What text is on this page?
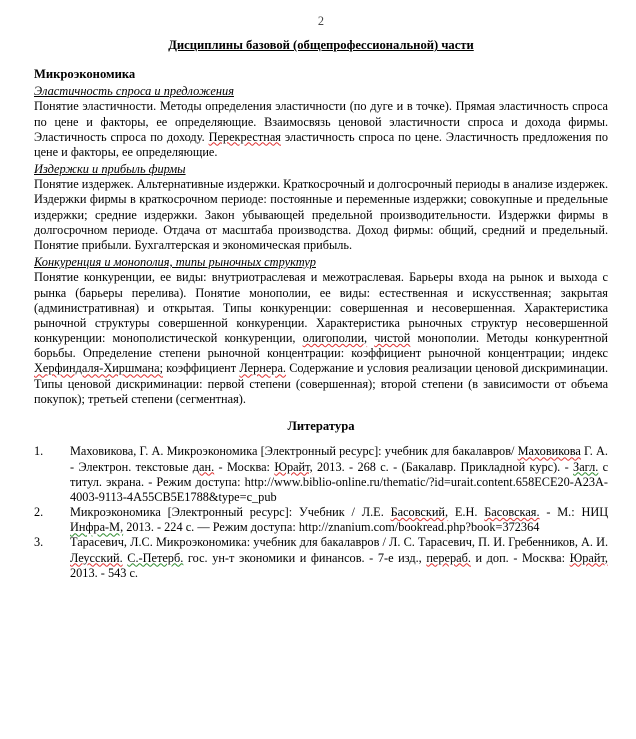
2
Дисциплины базовой (общепрофессиональной) части
Микроэкономика
Эластичность спроса и предложения

Понятие эластичности. Методы определения эластичности (по дуге и в точке). Прямая эластичность спроса по цене и факторы, ее определяющие. Взаимосвязь ценовой эластичности спроса и дохода фирмы. Эластичность спроса по доходу. Перекрестная эластичность спроса по цене. Эластичность предложения по цене и факторы, ее определяющие.

Издержки и прибыль фирмы

Понятие издержек. Альтернативные издержки. Краткосрочный и долгосрочный периоды в анализе издержек. Издержки фирмы в краткосрочном периоде: постоянные и переменные издержки; совокупные и предельные издержки; средние издержки. Закон убывающей предельной производительности. Издержки фирмы в долгосрочном периоде. Отдача от масштаба производства. Доход фирмы: общий, средний и предельный. Понятие прибыли. Бухгалтерская и экономическая прибыль.

Конкуренция и монополия, типы рыночных структур

Понятие конкуренции, ее виды: внутриотраслевая и межотраслевая. Барьеры входа на рынок и выхода с рынка (барьеры перелива). Понятие монополии, ее виды: естественная и искусственная; закрытая (административная) и открытая. Типы конкуренции: совершенная и несовершенная. Характеристика рыночной структуры совершенной конкуренции. Характеристика рыночных структур несовершенной конкуренции: монополистической конкуренции, олигополии, чистой монополии. Методы конкурентной борьбы. Определение степени рыночной концентрации: коэффициент рыночной концентрации; индекс Херфиндаля-Хиршмана; коэффициент Лернера. Содержание и условия реализации ценовой дискриминации. Типы ценовой дискриминации: первой степени (совершенная); второй степени (в зависимости от объема покупок); третьей степени (сегментная).

Литература
1.	Маховикова, Г. А. Микроэкономика [Электронный ресурс]: учебник для бакалавров/ Маховикова Г. А. - Электрон. текстовые дан. - Москва: Юрайт, 2013. - 268 с. - (Бакалавр. Прикладной курс). - Загл. с титул. экрана. - Режим доступа: http://www.biblio-online.ru/thematic/?id=urait.content.658ECE20-A23A-4003-9113-4A55CB5E1788&type=c_pub
2.	Микроэкономика [Электронный ресурс]: Учебник / Л.Е. Басовский, Е.Н. Басовская. - М.: НИЦ Инфра-М, 2013. - 224 с. — Режим доступа: http://znanium.com/bookread.php?book=372364
3.	Тарасевич, Л.С. Микроэкономика: учебник для бакалавров / Л. С. Тарасевич, П. И. Гребенников, А. И. Леусский. С.-Петерб. гос. ун-т экономики и финансов. - 7-е изд., перераб. и доп. - Москва: Юрайт, 2013. - 543 с.
